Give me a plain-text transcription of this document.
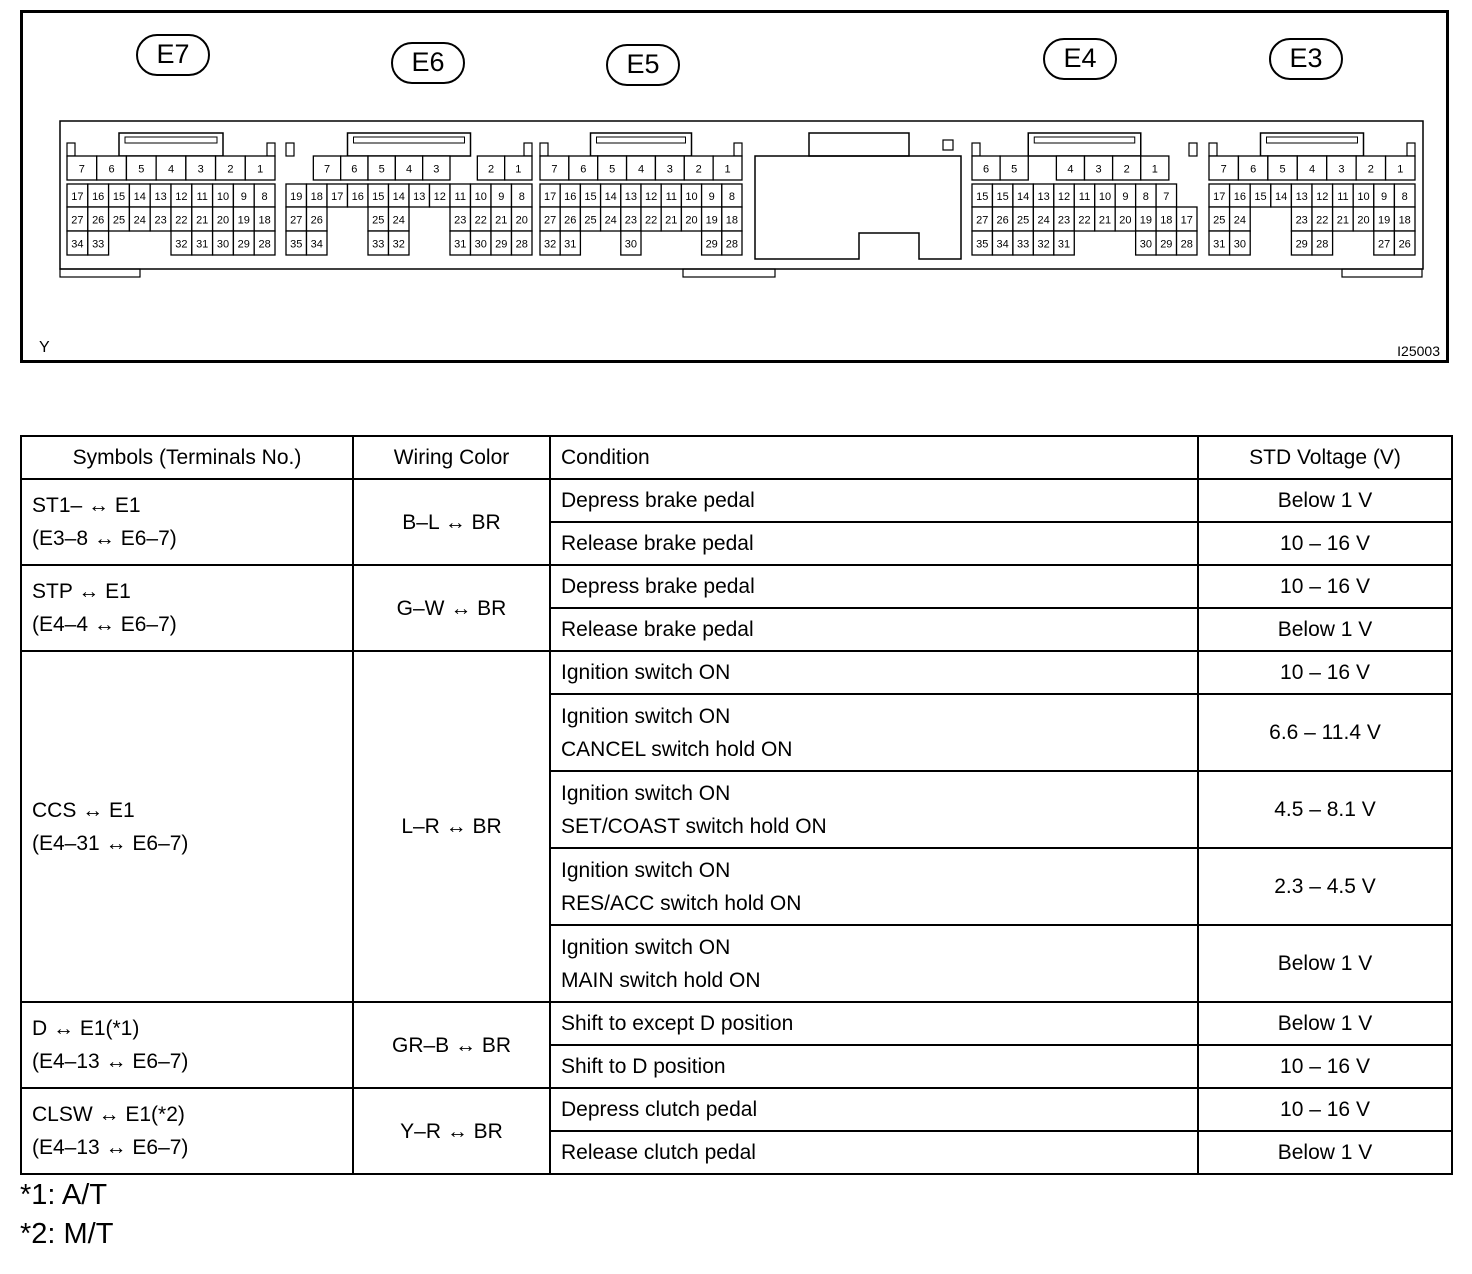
7 6 5 4 3 2 1
17 16 15 14 13 12 11 10 9 8
27 26 25 24 23 22 21 20 19 18
34 33	32 31 30 29 28
7 6 5 4 3	2 1
19 18 17 16 15 14 13 12 11 10 9 8
27 26	25 24	23 22 21 20
35 34	33 32	31 30 29 28
7 6 5 4 3 2 1
17 16 15 14 13 12 11 10 9 8
27 26 25 24 23 22 21 20 19 18
32 31	30	29 28
6 5	4 3 2 1
15 15 14 13 12 11 10 9 8 7
27 26 25 24 23 22 21 20 19 18 17
35 34 33 32 31	30 29 28
7 6 5 4 3 2 1
17 16 15 14 13 12 11 10 9 8
25 24	23 22 21 20 19 18
31 30	29 28	27 26
E7	E6	E5	E4	E3
Y	I25003
Symbols (Terminals No.)	Wiring Color	Condition	STD Voltage (V)

ST1– ↔ E1
(E3–8 ↔ E6–7)	B–L ↔ BR	Depress brake pedal	Below 1 V

		Release brake pedal	10 – 16 V

STP ↔ E1
(E4–4 ↔ E6–7)	G–W ↔ BR	Depress brake pedal	10 – 16 V

		Release brake pedal	Below 1 V

CCS ↔ E1
(E4–31 ↔ E6–7)	L–R ↔ BR	Ignition switch ON	10 – 16 V

		Ignition switch ON
CANCEL switch hold ON	6.6 – 11.4 V

		Ignition switch ON
SET/COAST switch hold ON	4.5 – 8.1 V

		Ignition switch ON
RES/ACC switch hold ON	2.3 – 4.5 V

		Ignition switch ON
MAIN switch hold ON	Below 1 V

D ↔ E1(*1)
(E4–13 ↔ E6–7)	GR–B ↔ BR	Shift to except D position	Below 1 V

		Shift to D position	10 – 16 V

CLSW ↔ E1(*2)
(E4–13 ↔ E6–7)	Y–R ↔ BR	Depress clutch pedal	10 – 16 V

		Release clutch pedal	Below 1 V
*1: A/T
*2: M/T
